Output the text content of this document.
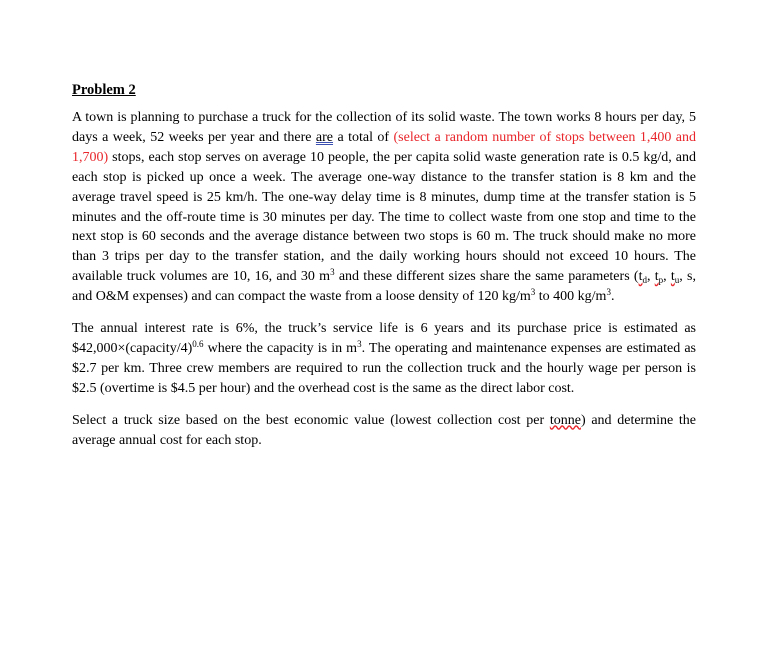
Problem 2

A town is planning to purchase a truck for the collection of its solid waste. The town works 8 hours per day, 5 days a week, 52 weeks per year and there are a total of (select a random number of stops between 1,400 and 1,700) stops, each stop serves on average 10 people, the per capita solid waste generation rate is 0.5 kg/d, and each stop is picked up once a week. The average one-way distance to the transfer station is 8 km and the average travel speed is 25 km/h. The one-way delay time is 8 minutes, dump time at the transfer station is 5 minutes and the off-route time is 30 minutes per day. The time to collect waste from one stop and time to the next stop is 60 seconds and the average distance between two stops is 60 m. The truck should make no more than 3 trips per day to the transfer station, and the daily working hours should not exceed 10 hours. The available truck volumes are 10, 16, and 30 $m^3$ and these different sizes share the same parameters ($t_d$, $t_p$, $t_u$, s, and O&M expenses) and can compact the waste from a loose density of 120 $kg/m^3$ to 400 $kg/m^3$.

The annual interest rate is 6%, the truck’s service life is 6 years and its purchase price is estimated as $42,000×(capacity/4)$^{0.6}$ where the capacity is in $m^3$. The operating and maintenance expenses are estimated as $2.7 per km. Three crew members are required to run the collection truck and the hourly wage per person is $2.5 (overtime is $4.5 per hour) and the overhead cost is the same as the direct labor cost.

Select a truck size based on the best economic value (lowest collection cost per tonne) and determine the average annual cost for each stop.
